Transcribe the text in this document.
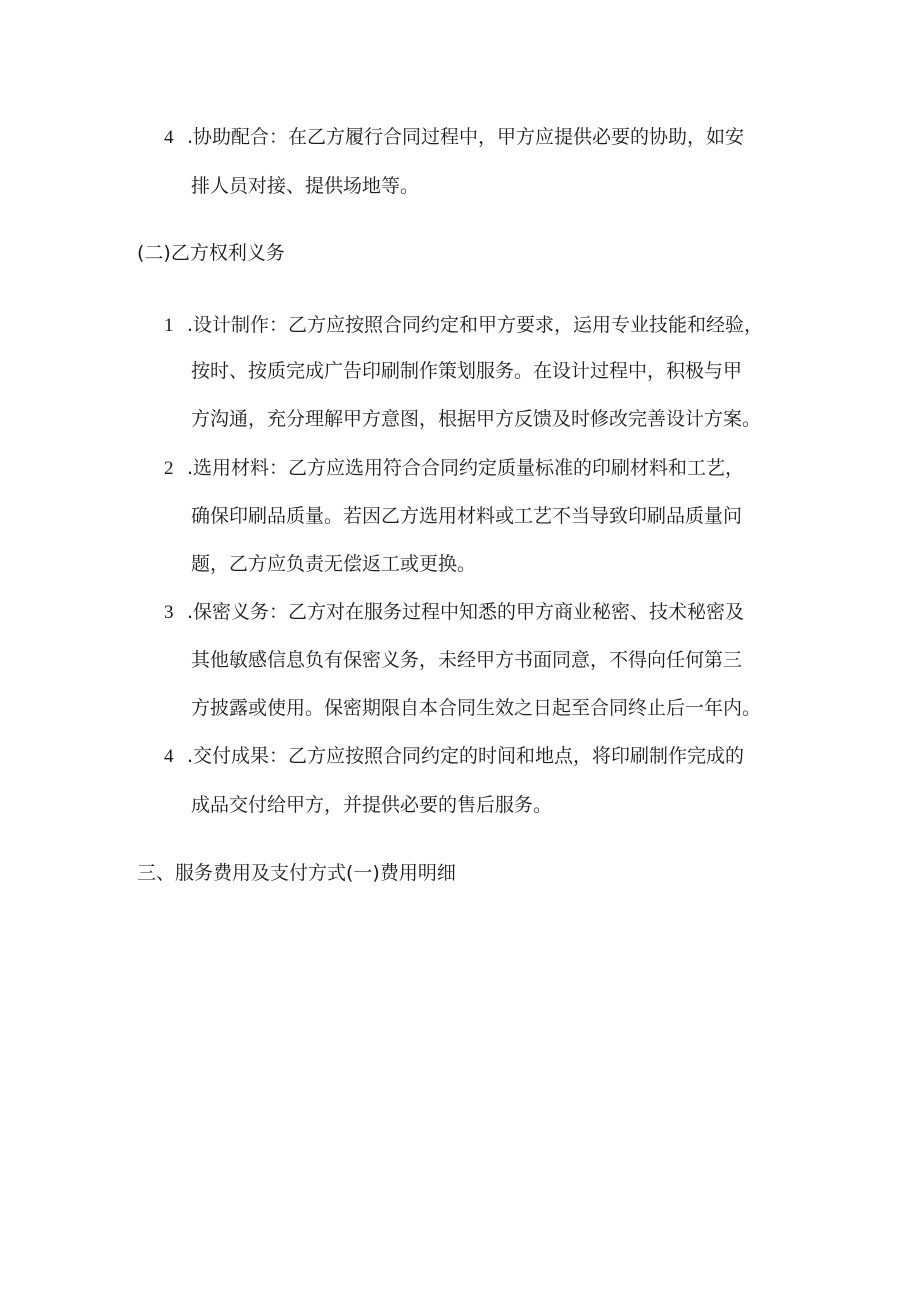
4 .协助配合：在乙方履行合同过程中，甲方应提供必要的协助，如安
排人员对接、提供场地等。
(二)乙方权利义务
1 .设计制作：乙方应按照合同约定和甲方要求，运用专业技能和经验，
按时、按质完成广告印刷制作策划服务。在设计过程中，积极与甲
方沟通，充分理解甲方意图，根据甲方反馈及时修改完善设计方案。
2 .选用材料：乙方应选用符合合同约定质量标准的印刷材料和工艺，
确保印刷品质量。若因乙方选用材料或工艺不当导致印刷品质量问
题，乙方应负责无偿返工或更换。
3 .保密义务：乙方对在服务过程中知悉的甲方商业秘密、技术秘密及
其他敏感信息负有保密义务，未经甲方书面同意，不得向任何第三
方披露或使用。保密期限自本合同生效之日起至合同终止后一年内。
4 .交付成果：乙方应按照合同约定的时间和地点，将印刷制作完成的
成品交付给甲方，并提供必要的售后服务。
三、服务费用及支付方式(一)费用明细
